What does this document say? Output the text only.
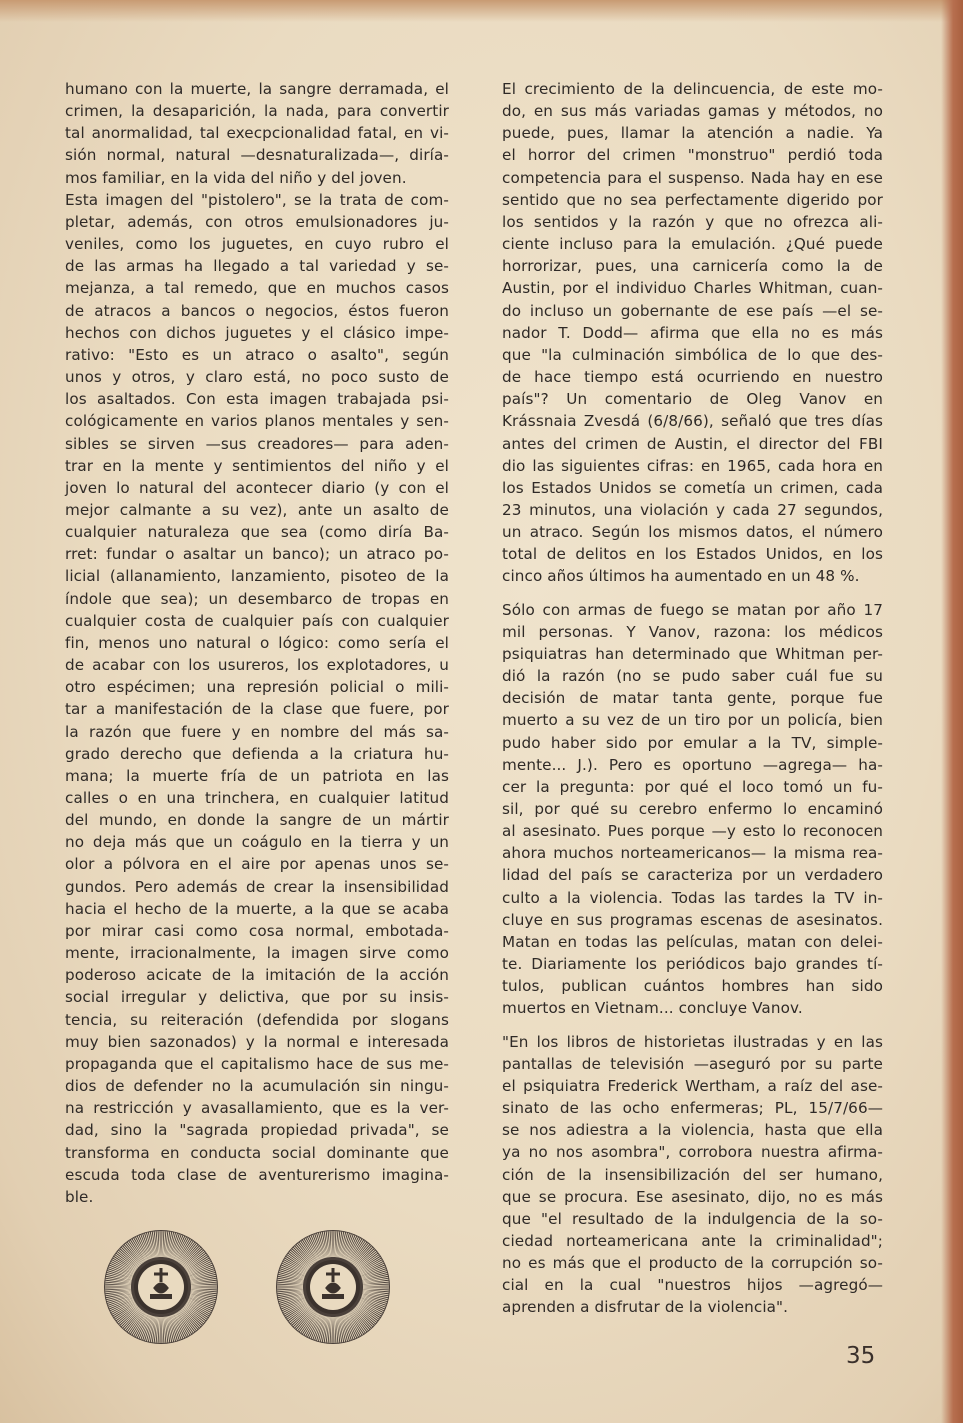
humano con la muerte, la sangre derramada, el

crimen, la desaparición, la nada, para convertir

tal anormalidad, tal execpcionalidad fatal, en vi-

sión normal, natural —desnaturalizada—, diría-

mos familiar, en la vida del niño y del joven.

Esta imagen del "pistolero", se la trata de com-

pletar, además, con otros emulsionadores ju-

veniles, como los juguetes, en cuyo rubro el

de las armas ha llegado a tal variedad y se-

mejanza, a tal remedo, que en muchos casos

de atracos a bancos o negocios, éstos fueron

hechos con dichos juguetes y el clásico impe-

rativo: "Esto es un atraco o asalto", según

unos y otros, y claro está, no poco susto de

los asaltados. Con esta imagen trabajada psi-

cológicamente en varios planos mentales y sen-

sibles se sirven —sus creadores— para aden-

trar en la mente y sentimientos del niño y el

joven lo natural del acontecer diario (y con el

mejor calmante a su vez), ante un asalto de

cualquier naturaleza que sea (como diría Ba-

rret: fundar o asaltar un banco); un atraco po-

licial (allanamiento, lanzamiento, pisoteo de la

índole que sea); un desembarco de tropas en

cualquier costa de cualquier país con cualquier

fin, menos uno natural o lógico: como sería el

de acabar con los usureros, los explotadores, u

otro espécimen; una represión policial o mili-

tar a manifestación de la clase que fuere, por

la razón que fuere y en nombre del más sa-

grado derecho que defienda a la criatura hu-

mana; la muerte fría de un patriota en las

calles o en una trinchera, en cualquier latitud

del mundo, en donde la sangre de un mártir

no deja más que un coágulo en la tierra y un

olor a pólvora en el aire por apenas unos se-

gundos. Pero además de crear la insensibilidad

hacia el hecho de la muerte, a la que se acaba

por mirar casi como cosa normal, embotada-

mente, irracionalmente, la imagen sirve como

poderoso acicate de la imitación de la acción

social irregular y delictiva, que por su insis-

tencia, su reiteración (defendida por slogans

muy bien sazonados) y la normal e interesada

propaganda que el capitalismo hace de sus me-

dios de defender no la acumulación sin ningu-

na restricción y avasallamiento, que es la ver-

dad, sino la "sagrada propiedad privada", se

transforma en conducta social dominante que

escuda toda clase de aventurerismo imagina-

ble.

El crecimiento de la delincuencia, de este mo-

do, en sus más variadas gamas y métodos, no

puede, pues, llamar la atención a nadie. Ya

el horror del crimen "monstruo" perdió toda

competencia para el suspenso. Nada hay en ese

sentido que no sea perfectamente digerido por

los sentidos y la razón y que no ofrezca ali-

ciente incluso para la emulación. ¿Qué puede

horrorizar, pues, una carnicería como la de

Austin, por el individuo Charles Whitman, cuan-

do incluso un gobernante de ese país —el se-

nador T. Dodd— afirma que ella no es más

que "la culminación simbólica de lo que des-

de hace tiempo está ocurriendo en nuestro

país"? Un comentario de Oleg Vanov en

Krássnaia Zvesdá (6/8/66), señaló que tres días

antes del crimen de Austin, el director del FBI

dio las siguientes cifras: en 1965, cada hora en

los Estados Unidos se cometía un crimen, cada

23 minutos, una violación y cada 27 segundos,

un atraco. Según los mismos datos, el número

total de delitos en los Estados Unidos, en los

cinco años últimos ha aumentado en un 48 %.

Sólo con armas de fuego se matan por año 17

mil personas. Y Vanov, razona: los médicos

psiquiatras han determinado que Whitman per-

dió la razón (no se pudo saber cuál fue su

decisión de matar tanta gente, porque fue

muerto a su vez de un tiro por un policía, bien

pudo haber sido por emular a la TV, simple-

mente... J.). Pero es oportuno —agrega— ha-

cer la pregunta: por qué el loco tomó un fu-

sil, por qué su cerebro enfermo lo encaminó

al asesinato. Pues porque —y esto lo reconocen

ahora muchos norteamericanos— la misma rea-

lidad del país se caracteriza por un verdadero

culto a la violencia. Todas las tardes la TV in-

cluye en sus programas escenas de asesinatos.

Matan en todas las películas, matan con delei-

te. Diariamente los periódicos bajo grandes tí-

tulos, publican cuántos hombres han sido

muertos en Vietnam... concluye Vanov.

"En los libros de historietas ilustradas y en las

pantallas de televisión —aseguró por su parte

el psiquiatra Frederick Wertham, a raíz del ase-

sinato de las ocho enfermeras; PL, 15/7/66—

se nos adiestra a la violencia, hasta que ella

ya no nos asombra", corrobora nuestra afirma-

ción de la insensibilización del ser humano,

que se procura. Ese asesinato, dijo, no es más

que "el resultado de la indulgencia de la so-

ciedad norteamericana ante la criminalidad";

no es más que el producto de la corrupción so-

cial en la cual "nuestros hijos —agregó—

aprenden a disfrutar de la violencia".

35
